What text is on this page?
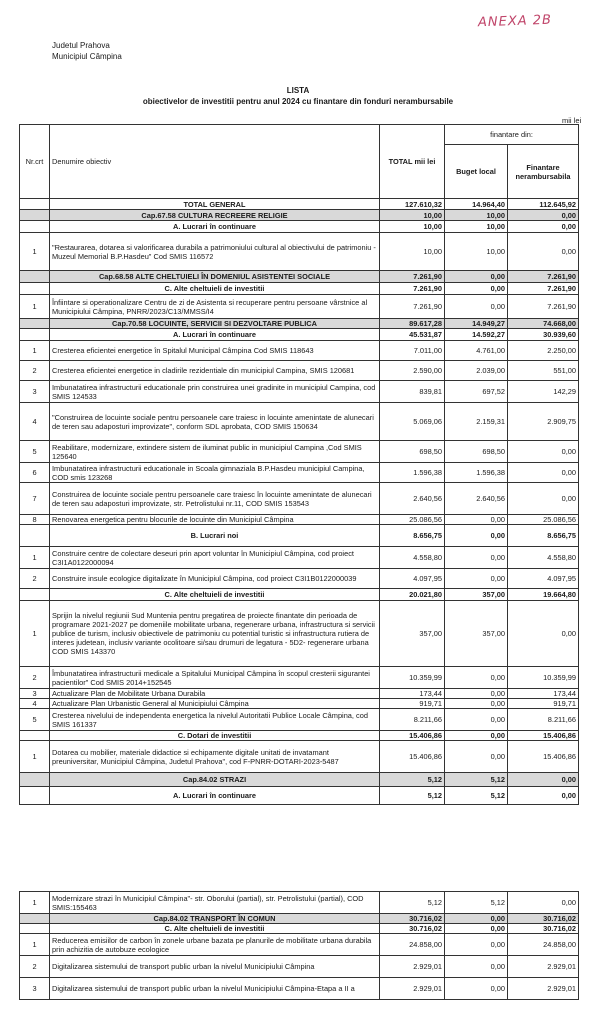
ANEXA 2B
Judetul Prahova
Municipiul Câmpina
LISTA
obiectivelor de investitii pentru anul 2024 cu finantare din fonduri nerambursabile
mii lei
Nr.crt	Denumire obiectiv	TOTAL mii lei	finantare din:	
			Buget local	Finantare nerambursabila

	TOTAL GENERAL	127.610,32	14.964,40	112.645,92
	Cap.67.58 CULTURA RECREERE RELIGIE	10,00	10,00	0,00
	A. Lucrari în continuare	10,00	10,00	0,00
1	"Restaurarea, dotarea si valorificarea durabila a patrimoniului cultural al obiectivului de patrimoniu -Muzeul Memorial B.P.Hasdeu" Cod SMIS 116572	10,00	10,00	0,00
	Cap.68.58 ALTE CHELTUIELI ÎN DOMENIUL ASISTENTEI SOCIALE	7.261,90	0,00	7.261,90
	C. Alte cheltuieli de investitii	7.261,90	0,00	7.261,90
1	Înfiintare si operationalizare Centru de zi de Asistenta si recuperare pentru persoane vârstnice al Municipiului Câmpina, PNRR/2023/C13/MMSS/I4	7.261,90	0,00	7.261,90
	Cap.70.58 LOCUINTE, SERVICII SI DEZVOLTARE PUBLICA	89.617,28	14.949,27	74.668,00
	A. Lucrari în continuare	45.531,87	14.592,27	30.939,60
1	Cresterea eficientei energetice în Spitalul Municipal Câmpina Cod SMIS 118643	7.011,00	4.761,00	2.250,00
2	Cresterea eficientei energetice in cladirile rezidentiale din municipiul Campina, SMIS 120681	2.590,00	2.039,00	551,00
3	Imbunatatirea infrastructurii educationale prin construirea unei gradinite in municipiul Campina, cod SMIS 124533	839,81	697,52	142,29
4	"Construirea de locuinte sociale pentru persoanele care traiesc in locuinte amenintate de alunecari de teren sau adaposturi improvizate", conform SDL aprobata, COD SMIS 150634	5.069,06	2.159,31	2.909,75
5	Reabilitare, modernizare, extindere sistem de iluminat public in municipiul Campina ,Cod SMIS 125640	698,50	698,50	0,00
6	Imbunatatirea infrastructurii educationale in Scoala gimnaziala B.P.Hasdeu municipiul Campina, COD smis 123268	1.596,38	1.596,38	0,00
7	Construirea de locuinte sociale pentru persoanele care traiesc în locuinte amenintate de alunecari de teren sau adaposturi improvizate, str. Petrolistului nr.11, COD SMIS 153543	2.640,56	2.640,56	0,00
8	Renovarea energetica pentru blocurile de locuinte din Municipiul Câmpina	25.086,56	0,00	25.086,56
	B. Lucrari noi	8.656,75	0,00	8.656,75
1	Construire centre de colectare deseuri prin aport voluntar în Municipiul Câmpina, cod proiect C3I1A0122000094	4.558,80	0,00	4.558,80
2	Construire insule ecologice digitalizate în Municipiul Câmpina, cod proiect C3I1B0122000039	4.097,95	0,00	4.097,95
	C. Alte cheltuieli de investitii	20.021,80	357,00	19.664,80
1	Sprijin la nivelul regiunii Sud Muntenia pentru pregatirea de proiecte finantate din perioada de programare 2021-2027 pe domeniile mobilitate urbana, regenerare urbana, infrastructura si servicii publice de turism, inclusiv obiectivele de patrimoniu cu potential turistic si infrastructura rutiera de interes judetean, inclusiv variante ocolitoare si/sau drumuri de legatura - 5D2- regenerare urbana COD SMIS 143370	357,00	357,00	0,00
2	Îmbunatatirea infrastructurii medicale a Spitalului Municipal Câmpina în scopul cresterii sigurantei pacientilor" Cod SMIS 2014+152545	10.359,99	0,00	10.359,99
3	Actualizare Plan de Mobilitate Urbana Durabila	173,44	0,00	173,44
4	Actualizare Plan Urbanistic General al Municipiului Câmpina	919,71	0,00	919,71
5	Cresterea nivelului de independenta energetica la nivelul Autoritatii Publice Locale Câmpina, cod SMIS 161337	8.211,66	0,00	8.211,66
	C. Dotari de investitii	15.406,86	0,00	15.406,86
1	Dotarea cu mobilier, materiale didactice si echipamente digitale unitati de invatamant preuniversitar, Municipiul Câmpina, Judetul Prahova", cod F-PNRR-DOTARI-2023-5487	15.406,86	0,00	15.406,86
	Cap.84.02 STRAZI	5,12	5,12	0,00
	A. Lucrari în continuare	5,12	5,12	0,00
1	Modernizare strazi în Municipiul Câmpina"- str. Oborului (partial), str. Petrolistului (partial), COD SMIS:155463	5,12	5,12	0,00
	Cap.84.02 TRANSPORT ÎN COMUN	30.716,02	0,00	30.716,02
	C. Alte cheltuieli de investitii	30.716,02	0,00	30.716,02
1	Reducerea emisiilor de carbon în zonele urbane bazata pe planurile de mobilitate urbana durabila prin achizitia de autobuze ecologice	24.858,00	0,00	24.858,00
2	Digitalizarea sistemului de transport public urban la nivelul Municipiului Câmpina	2.929,01	0,00	2.929,01
3	Digitalizarea sistemului de transport public urban la nivelul Municipiului Câmpina-Etapa a II a	2.929,01	0,00	2.929,01
